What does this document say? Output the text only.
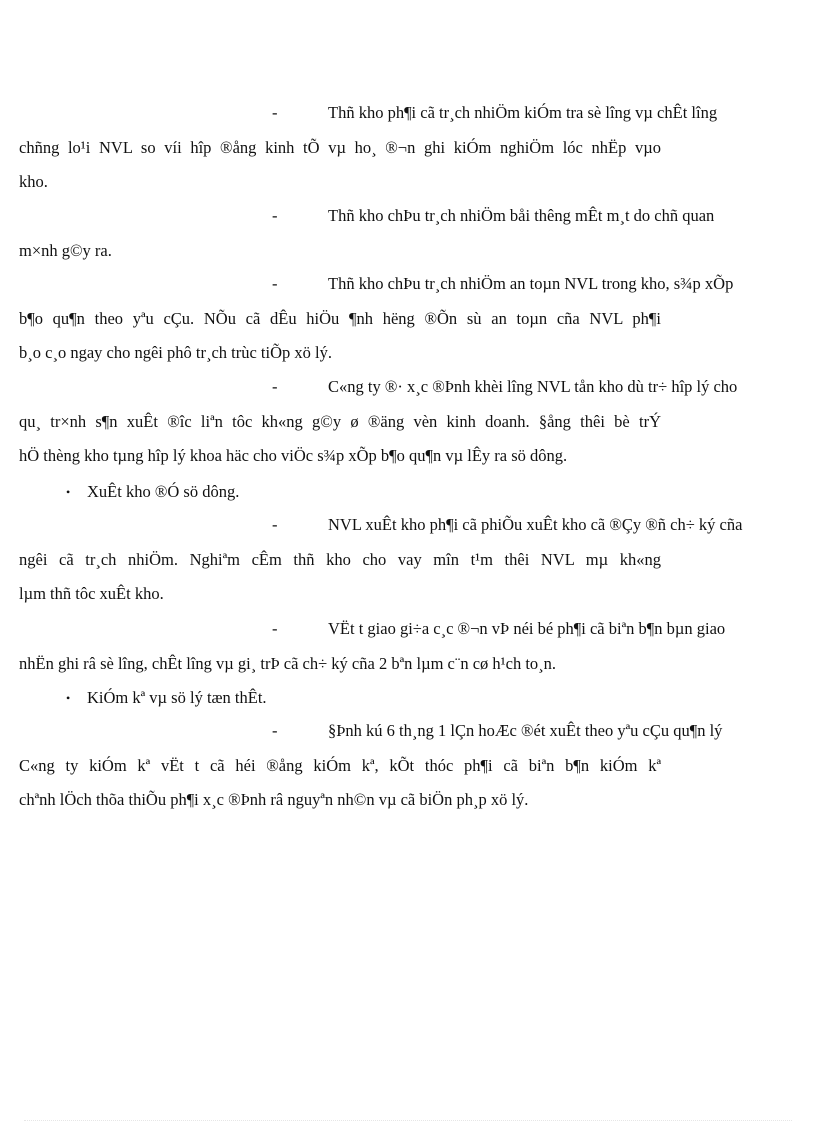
-	Thñ kho ph¶i cã tr¸ch nhiÖm kiÓm tra sè lîng vµ chÊt lîng
chñng lo¹i NVL so víi hîp ®ång kinh tÕ vµ ho¸ ®¬n ghi kiÓm nghiÖm lóc nhËp vµo
kho.
-	Thñ kho chÞu tr¸ch nhiÖm båi thêng mÊt m¸t do chñ quan
m×nh g©y ra.
-	Thñ kho chÞu tr¸ch nhiÖm an toµn NVL trong kho, s¾p xÕp
b¶o qu¶n theo yªu cÇu. NÕu cã dÊu hiÖu ¶nh hëng ®Õn sù an toµn cña NVL ph¶i
b¸o c¸o ngay cho ngêi phô tr¸ch trùc tiÕp xö lý.
-	C«ng ty ®· x¸c ®Þnh khèi lîng NVL tån kho dù tr÷ hîp lý cho
qu¸ tr×nh s¶n xuÊt ®îc liªn tôc kh«ng g©y ø ®äng vèn kinh doanh. §ång thêi bè trÝ
hÖ thèng kho tµng hîp lý khoa häc cho viÖc s¾p xÕp b¶o qu¶n vµ lÊy ra sö dông.
• XuÊt kho ®Ó sö dông.
-	NVL xuÊt kho ph¶i cã phiÕu xuÊt kho cã ®Çy ®ñ ch÷ ký cña
ngêi cã tr¸ch nhiÖm. Nghiªm cÊm thñ kho cho vay mîn t¹m thêi NVL mµ kh«ng
lµm thñ tôc xuÊt kho.
-	VËt t giao gi÷a c¸c ®¬n vÞ néi bé ph¶i cã biªn b¶n bµn giao
nhËn ghi râ sè lîng, chÊt lîng vµ gi¸ trÞ cã ch÷ ký cña 2 bªn lµm c¨n cø h¹ch to¸n.
• KiÓm kª vµ sö lý tæn thÊt.
-	§Þnh kú 6 th¸ng 1 lÇn hoÆc ®ét xuÊt theo yªu cÇu qu¶n lý
C«ng ty kiÓm kª vËt t cã héi ®ång kiÓm kª, kÕt thóc ph¶i cã biªn b¶n kiÓm kª
chªnh lÖch thõa thiÕu ph¶i x¸c ®Þnh râ nguyªn nh©n vµ cã biÖn ph¸p xö lý.
